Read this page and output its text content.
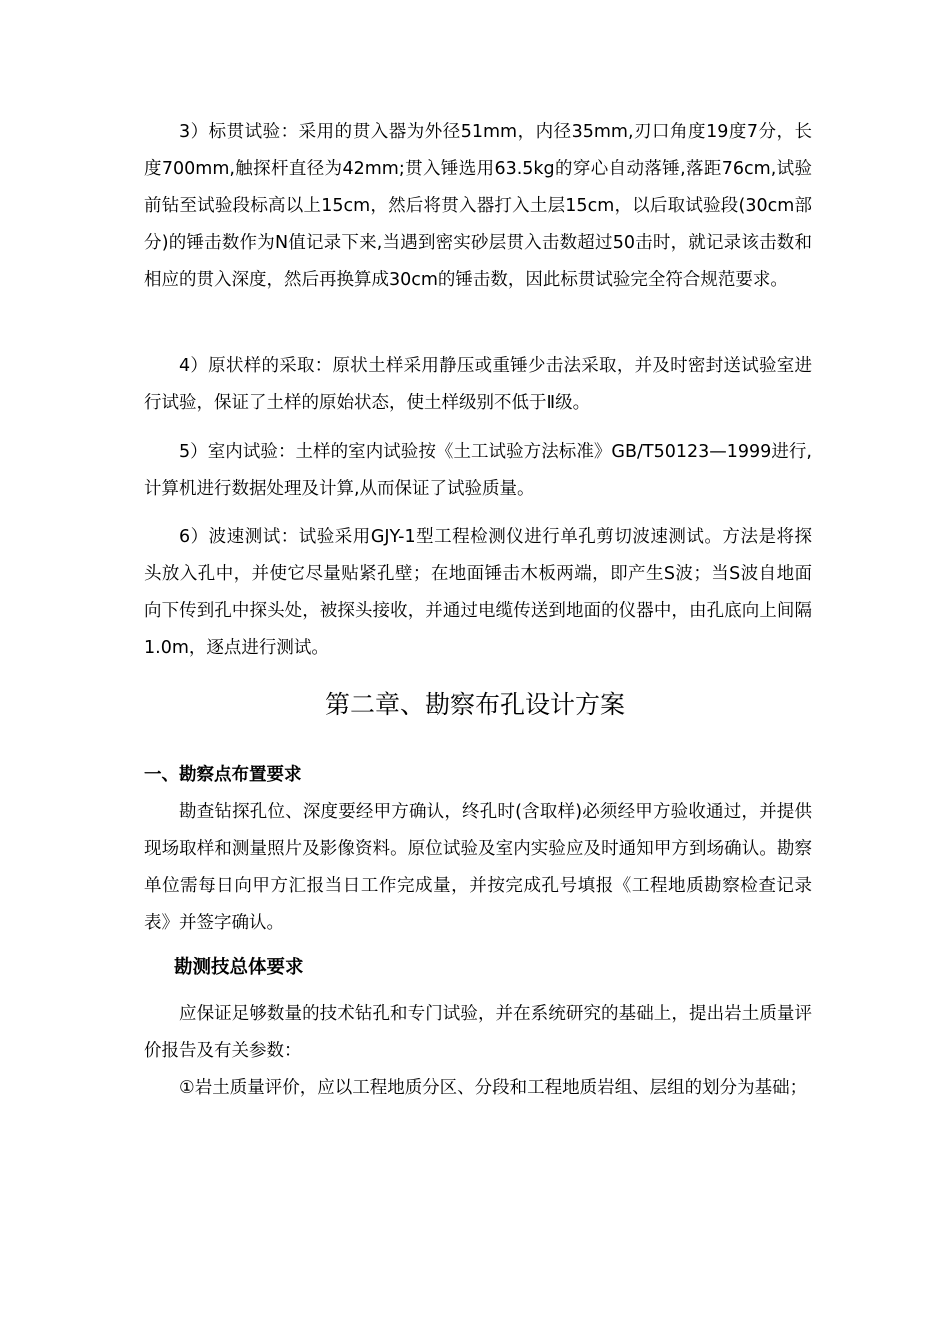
3）标贯试验：采用的贯入器为外径51mm，内径35mm,刃口角度19度7分，长度700mm,触探杆直径为42mm;贯入锤选用63.5kg的穿心自动落锤,落距76cm,试验前钻至试验段标高以上15cm，然后将贯入器打入土层15cm，以后取试验段(30cm部分)的锤击数作为N值记录下来,当遇到密实砂层贯入击数超过50击时，就记录该击数和相应的贯入深度，然后再换算成30cm的锤击数，因此标贯试验完全符合规范要求。

4）原状样的采取：原状土样采用静压或重锤少击法采取，并及时密封送试验室进行试验，保证了土样的原始状态，使土样级别不低于Ⅱ级。

5）室内试验：土样的室内试验按《土工试验方法标准》GB/T50123—1999进行,计算机进行数据处理及计算,从而保证了试验质量。

6）波速测试：试验采用GJY-1型工程检测仪进行单孔剪切波速测试。方法是将探头放入孔中，并使它尽量贴紧孔壁；在地面锤击木板两端，即产生S波；当S波自地面向下传到孔中探头处，被探头接收，并通过电缆传送到地面的仪器中，由孔底向上间隔1.0m，逐点进行测试。

第二章、勘察布孔设计方案
一、勘察点布置要求

勘查钻探孔位、深度要经甲方确认，终孔时(含取样)必须经甲方验收通过，并提供现场取样和测量照片及影像资料。原位试验及室内实验应及时通知甲方到场确认。勘察单位需每日向甲方汇报当日工作完成量，并按完成孔号填报《工程地质勘察检查记录表》并签字确认。

勘测技总体要求

应保证足够数量的技术钻孔和专门试验，并在系统研究的基础上，提出岩土质量评价报告及有关参数：

①岩土质量评价，应以工程地质分区、分段和工程地质岩组、层组的划分为基础；
